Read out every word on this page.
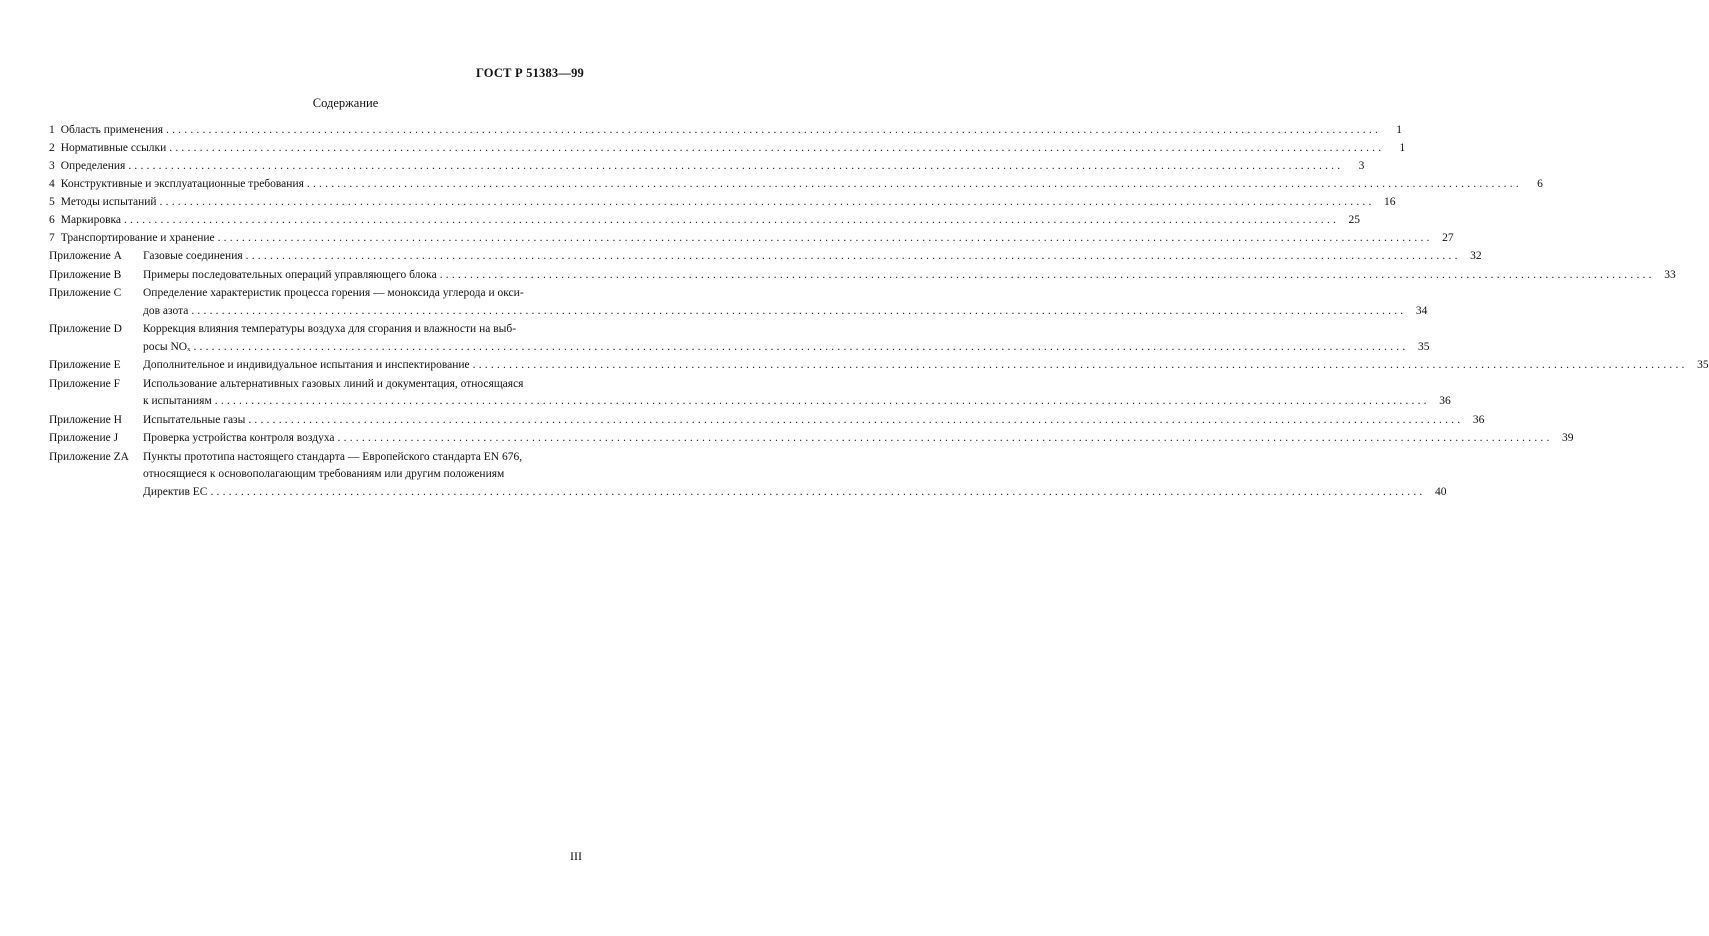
ГОСТ Р 51383—99
Содержание
1 Область применения ........................................................................................................................................................................................................	1
2 Нормативные ссылки ........................................................................................................................................................................................................	1
3 Определения ........................................................................................................................................................................................................	3
4 Конструктивные и эксплуатационные требования ........................................................................................................................................................................................................	6
5 Методы испытаний ........................................................................................................................................................................................................ 16
6 Маркировка ........................................................................................................................................................................................................ 25
7 Транспортирование и хранение ........................................................................................................................................................................................................ 27
Приложение A	Газовые соединения ........................................................................................................................................................................................................ 32
Приложение B	Примеры последовательных операций управляющего блока ........................................................................................................................................................................................................ 33
Приложение C	Определение характеристик процесса горения — моноксида углерода и окси-
дов азота ........................................................................................................................................................................................................ 34
Приложение D	Коррекция влияния температуры воздуха для сгорания и влажности на выб-
росы NOₓ ........................................................................................................................................................................................................ 35
Приложение E	Дополнительное и индивидуальное испытания и инспектирование ........................................................................................................................................................................................................ 35
Приложение F	Использование альтернативных газовых линий и документация, относящаяся
к испытаниям ........................................................................................................................................................................................................ 36
Приложение H	Испытательные газы ........................................................................................................................................................................................................ 36
Приложение J	Проверка устройства контроля воздуха ........................................................................................................................................................................................................ 39
Приложение ZA	Пункты прототипа настоящего стандарта — Европейского стандарта EN 676,
относящиеся к основополагающим требованиям или другим положениям
Директив ЕС ........................................................................................................................................................................................................ 40
III
